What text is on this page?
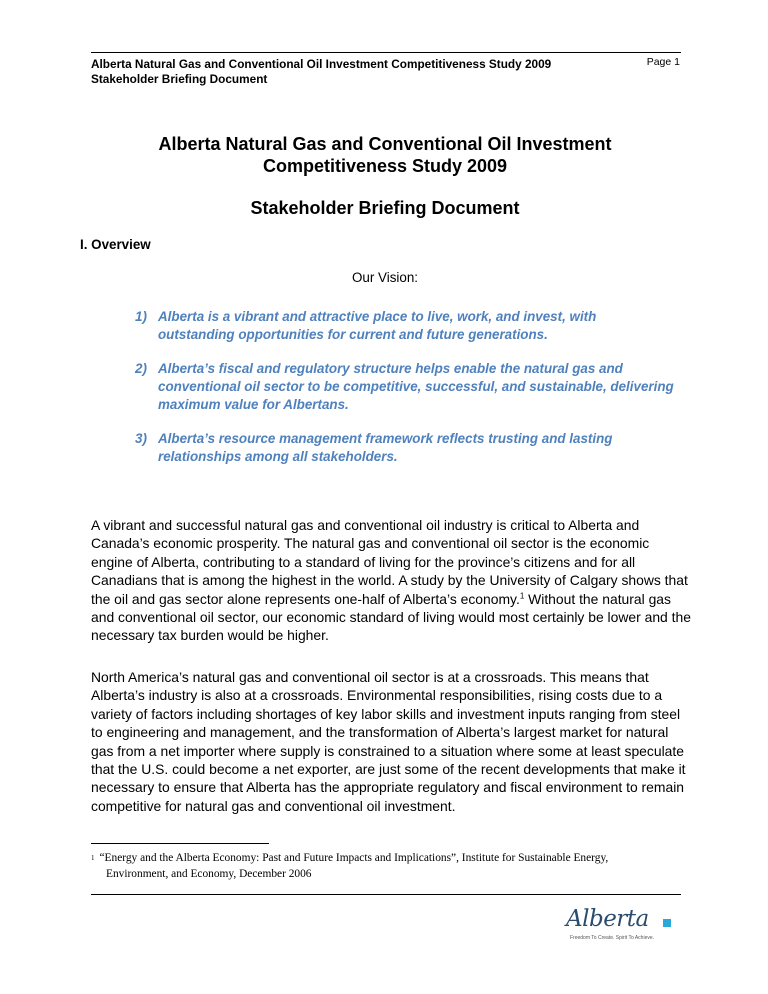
Alberta Natural Gas and Conventional Oil Investment Competitiveness Study 2009
Stakeholder Briefing Document
Page 1
Alberta Natural Gas and Conventional Oil Investment
Competitiveness Study 2009
Stakeholder Briefing Document
I. Overview
Our Vision:
1) Alberta is a vibrant and attractive place to live, work, and invest, with outstanding opportunities for current and future generations.
2) Alberta’s fiscal and regulatory structure helps enable the natural gas and conventional oil sector to be competitive, successful, and sustainable, delivering maximum value for Albertans.
3) Alberta’s resource management framework reflects trusting and lasting relationships among all stakeholders.
A vibrant and successful natural gas and conventional oil industry is critical to Alberta and Canada’s economic prosperity. The natural gas and conventional oil sector is the economic engine of Alberta, contributing to a standard of living for the province’s citizens and for all Canadians that is among the highest in the world. A study by the University of Calgary shows that the oil and gas sector alone represents one-half of Alberta’s economy.$^1$ Without the natural gas and conventional oil sector, our economic standard of living would most certainly be lower and the necessary tax burden would be higher.
North America’s natural gas and conventional oil sector is at a crossroads. This means that Alberta’s industry is also at a crossroads. Environmental responsibilities, rising costs due to a variety of factors including shortages of key labor skills and investment inputs ranging from steel to engineering and management, and the transformation of Alberta’s largest market for natural gas from a net importer where supply is constrained to a situation where some at least speculate that the U.S. could become a net exporter, are just some of the recent developments that make it necessary to ensure that Alberta has the appropriate regulatory and fiscal environment to remain competitive for natural gas and conventional oil investment.
$^1$ “Energy and the Alberta Economy: Past and Future Impacts and Implications”, Institute for Sustainable Energy,
Environment, and Economy, December 2006
Alberta
Freedom To Create. Spirit To Achieve.
